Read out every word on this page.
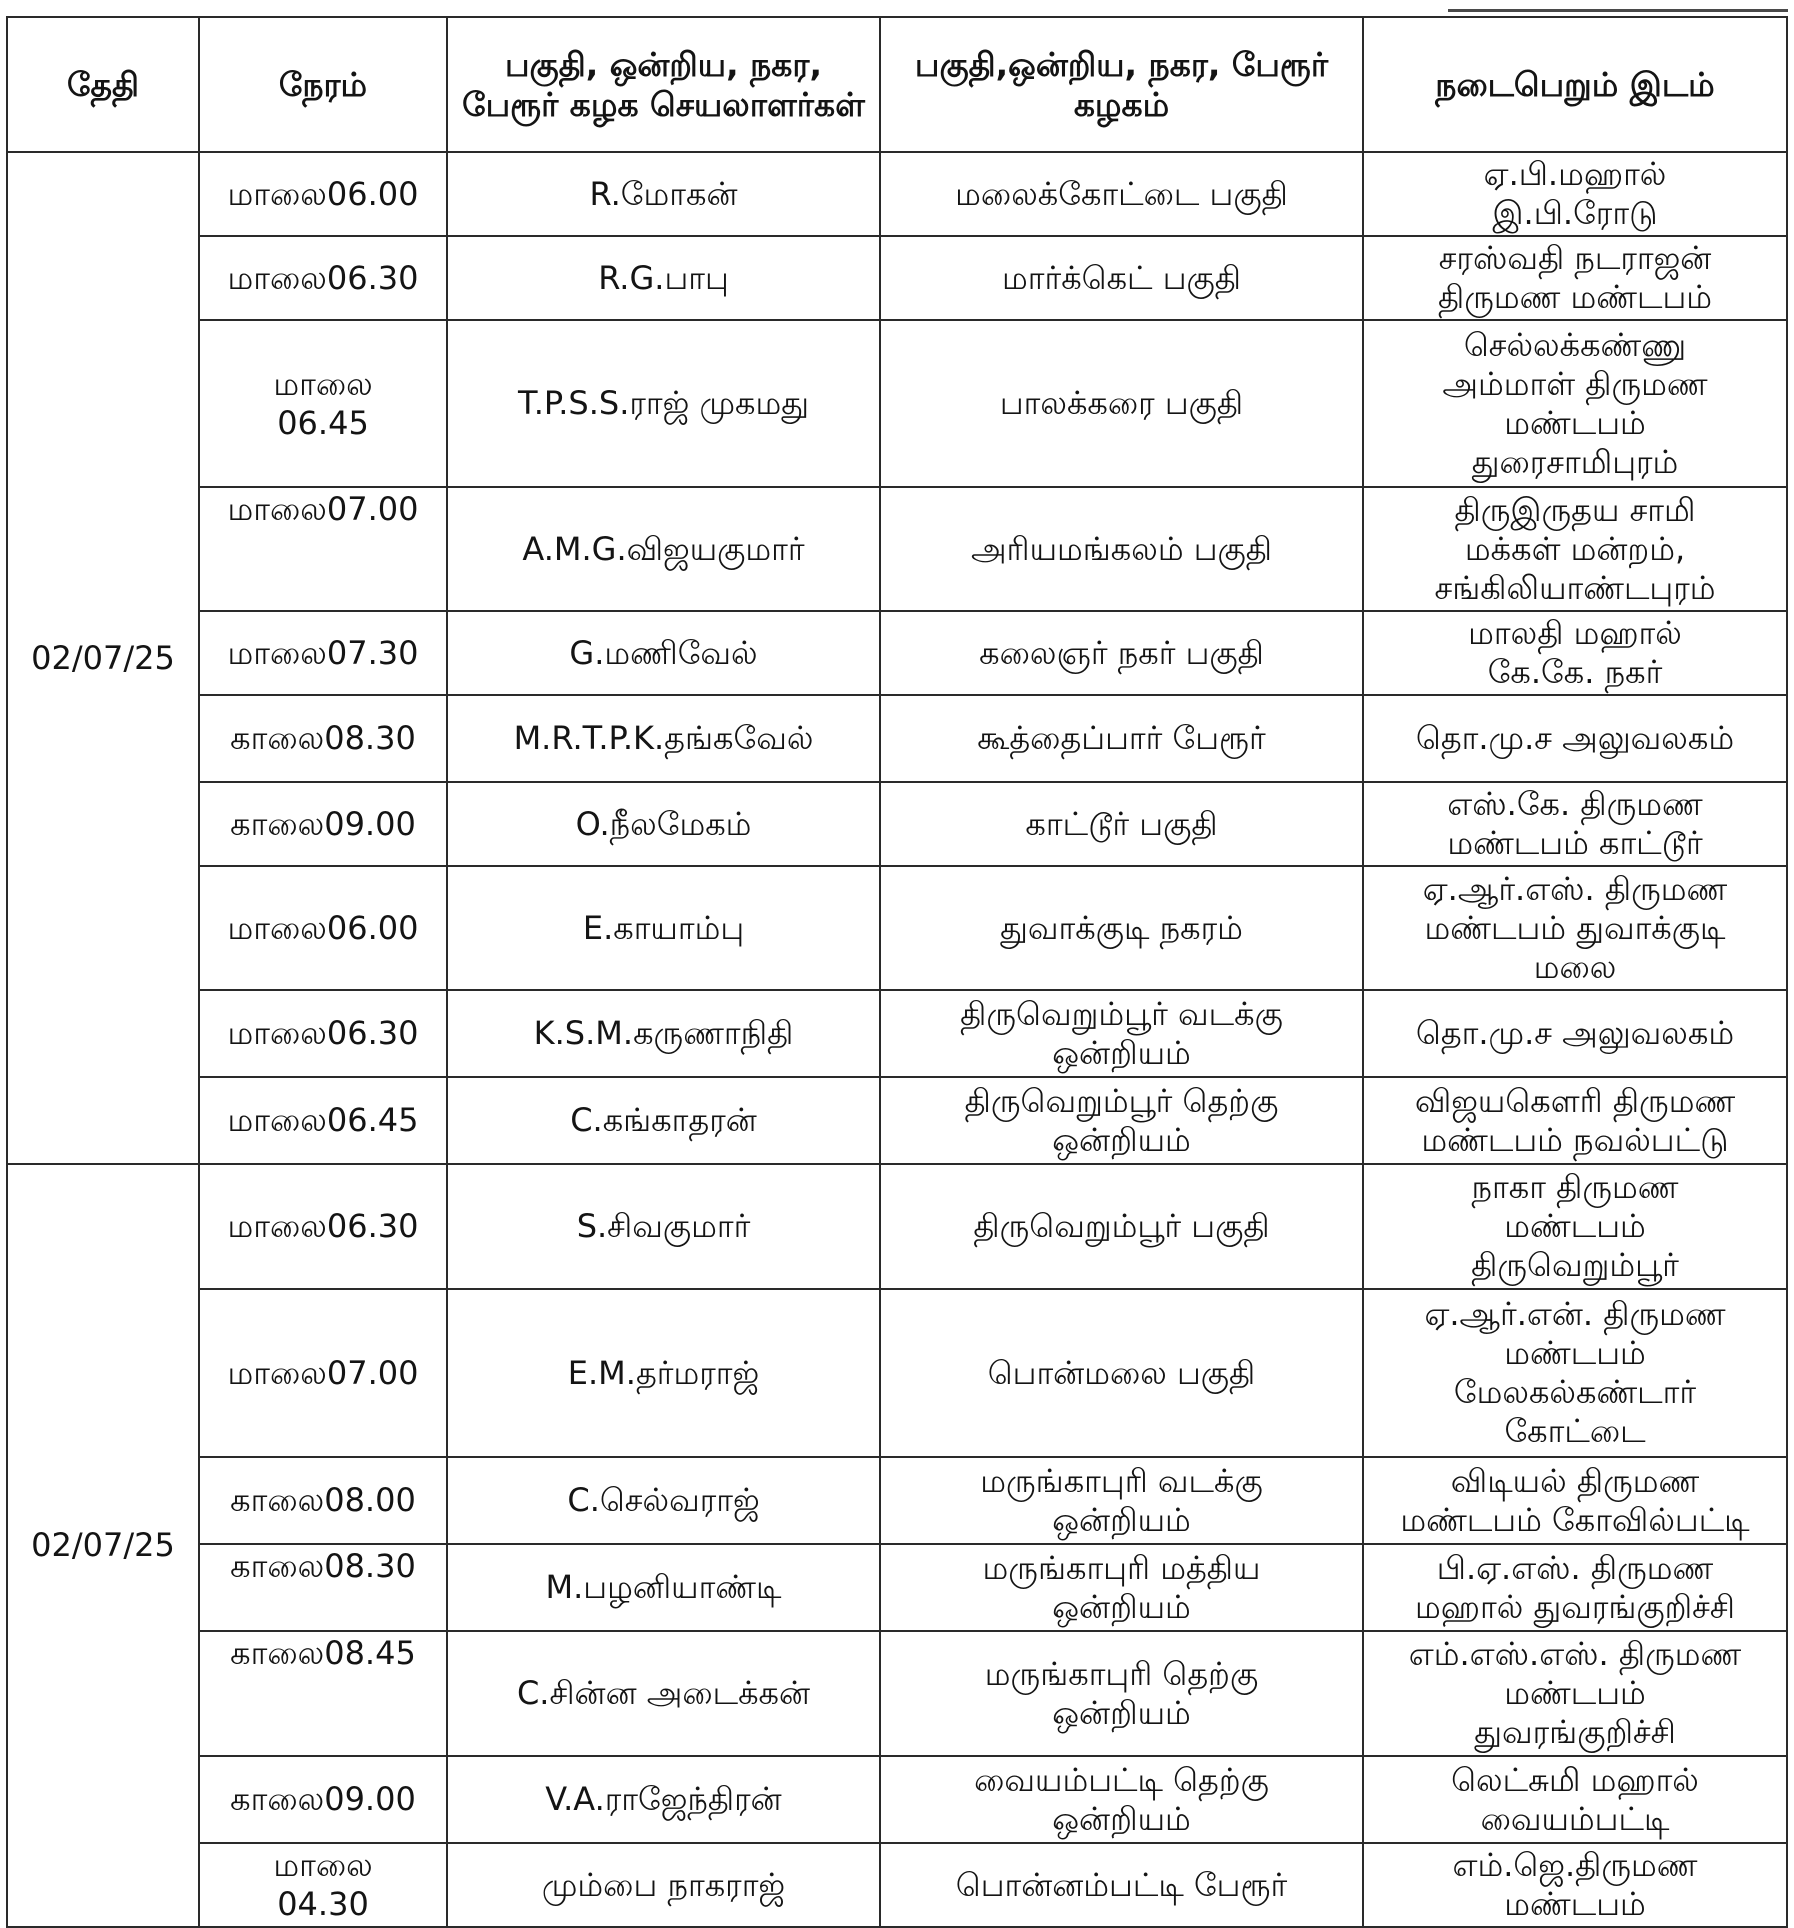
தேதி	நேரம்	பகுதி, ஒன்றிய, நகர, பேரூர் கழக செயலாளர்கள்	பகுதி,ஒன்றிய, நகர, பேரூர் கழகம்	நடைபெறும் இடம்
02/07/25	மாலை06.00	R.மோகன்	மலைக்கோட்டை பகுதி	ஏ.பி.மஹால்
இ.பி.ரோடு
	மாலை06.30	R.G.பாபு	மார்க்கெட் பகுதி	சரஸ்வதி நடராஜன்
திருமண மண்டபம்
	மாலை
06.45	T.P.S.S.ராஜ் முகமது	பாலக்கரை பகுதி	செல்லக்கண்ணு
அம்மாள் திருமண
மண்டபம்
துரைசாமிபுரம்
	மாலை07.00	A.M.G.விஜயகுமார்	அரியமங்கலம் பகுதி	திருஇருதய சாமி
மக்கள் மன்றம்,
சங்கிலியாண்டபுரம்
	மாலை07.30	G.மணிவேல்	கலைஞர் நகர் பகுதி	மாலதி மஹால்
கே.கே. நகர்
	காலை08.30	M.R.T.P.K.தங்கவேல்	கூத்தைப்பார் பேரூர்	தொ.மு.ச அலுவலகம்
	காலை09.00	O.நீலமேகம்	காட்டூர் பகுதி	எஸ்.கே. திருமண
மண்டபம் காட்டூர்
	மாலை06.00	E.காயாம்பு	துவாக்குடி நகரம்	ஏ.ஆர்.எஸ். திருமண
மண்டபம் துவாக்குடி
மலை
	மாலை06.30	K.S.M.கருணாநிதி	திருவெறும்பூர் வடக்கு
ஒன்றியம்	தொ.மு.ச அலுவலகம்
	மாலை06.45	C.கங்காதரன்	திருவெறும்பூர் தெற்கு
ஒன்றியம்	விஜயகௌரி திருமண
மண்டபம் நவல்பட்டு
02/07/25	மாலை06.30	S.சிவகுமார்	திருவெறும்பூர் பகுதி	நாகா திருமண
மண்டபம்
திருவெறும்பூர்
	மாலை07.00	E.M.தர்மராஜ்	பொன்மலை பகுதி	ஏ.ஆர்.என். திருமண
மண்டபம்
மேலகல்கண்டார்
கோட்டை
	காலை08.00	C.செல்வராஜ்	மருங்காபுரி வடக்கு
ஒன்றியம்	விடியல் திருமண
மண்டபம் கோவில்பட்டி
	காலை08.30	M.பழனியாண்டி	மருங்காபுரி மத்திய
ஒன்றியம்	பி.ஏ.எஸ். திருமண
மஹால் துவரங்குறிச்சி
	காலை08.45	C.சின்ன அடைக்கன்	மருங்காபுரி தெற்கு
ஒன்றியம்	எம்.எஸ்.எஸ். திருமண
மண்டபம்
துவரங்குறிச்சி
	காலை09.00	V.A.ராஜேந்திரன்	வையம்பட்டி தெற்கு
ஒன்றியம்	லெட்சுமி மஹால்
வையம்பட்டி
	மாலை
04.30	மும்பை நாகராஜ்	பொன்னம்பட்டி பேரூர்	எம்.ஜெ.திருமண
மண்டபம்
